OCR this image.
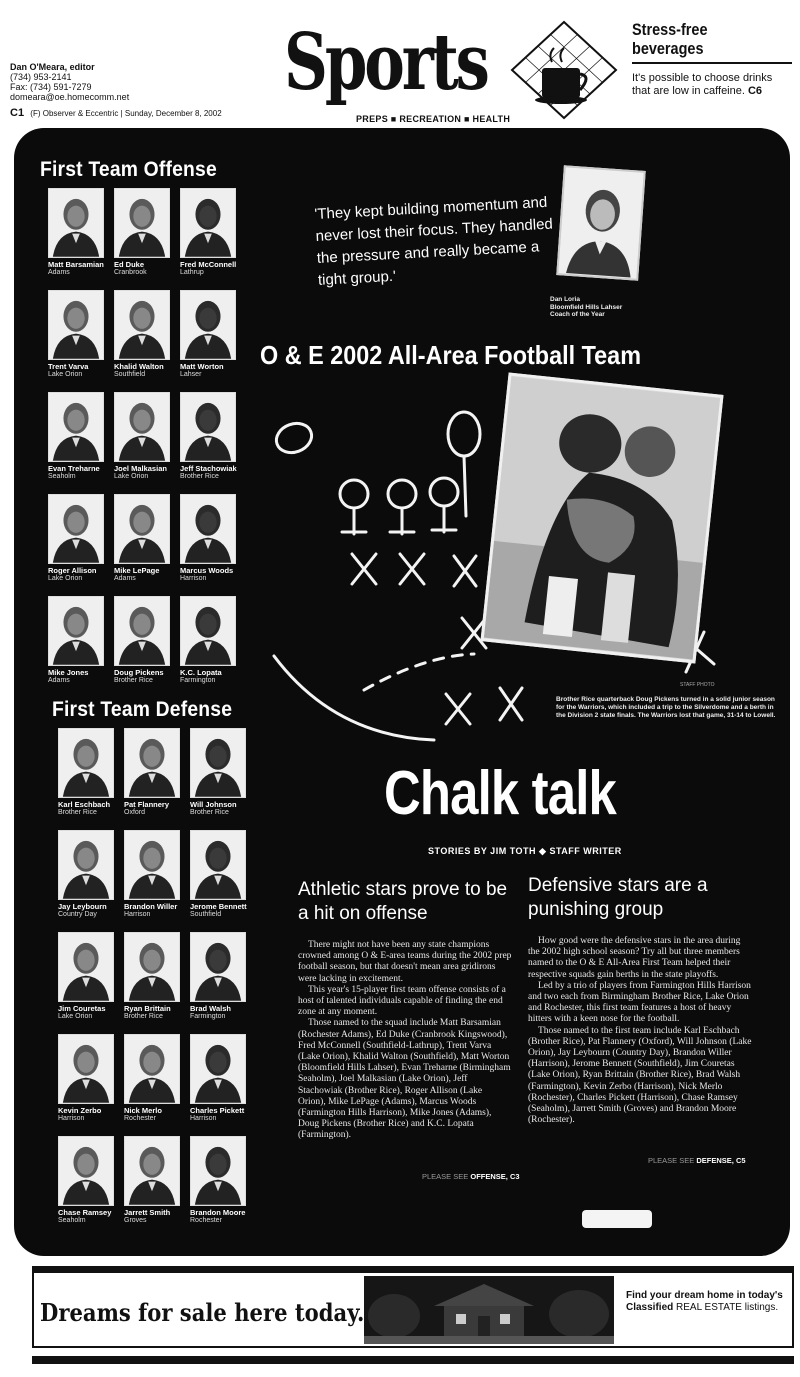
Dan O'Meara, editor
(734) 953-2141
Fax: (734) 591-7279
domeara@oe.homecomm.net
C1 (F) Observer & Eccentric | Sunday, December 8, 2002
Sports
PREPS ■ RECREATION ■ HEALTH
Stress-free
beverages
It's possible to choose drinks that are low in caffeine. C6
First Team Offense
First Team Defense
'They kept building momentum and never lost their focus. They handled the pressure and really became a tight group.'
Dan Loria
Bloomfield Hills Lahser
Coach of the Year
O & E 2002 All-Area Football Team
STAFF PHOTO
Brother Rice quarterback Doug Pickens turned in a solid junior season for the Warriors, which included a trip to the Silverdome and a berth in the Division 2 state finals. The Warriors lost that game, 31-14 to Lowell.
Chalk talk
STORIES BY JIM TOTH ◆ STAFF WRITER
Athletic stars prove to be a hit on offense

There might not have been any state champions crowned among O & E-area teams during the 2002 prep football season, but that doesn't mean area gridirons were lacking in excitement.

This year's 15-player first team offense consists of a host of talented individuals capable of finding the end zone at any moment.

Those named to the squad include Matt Barsamian (Rochester Adams), Ed Duke (Cranbrook Kingswood), Fred McConnell (Southfield-Lathrup), Trent Varva (Lake Orion), Khalid Walton (Southfield), Matt Worton (Bloomfield Hills Lahser), Evan Treharne (Birmingham Seaholm), Joel Malkasian (Lake Orion), Jeff Stachowiak (Brother Rice), Roger Allison (Lake Orion), Mike LePage (Adams), Marcus Woods (Farmington Hills Harrison), Mike Jones (Adams), Doug Pickens (Brother Rice) and K.C. Lopata (Farmington).

PLEASE SEE OFFENSE, C3
Defensive stars are a punishing group

How good were the defensive stars in the area during the 2002 high school season? Try all but three members named to the O & E All-Area First Team helped their respective squads gain berths in the state playoffs.

Led by a trio of players from Farmington Hills Harrison and two each from Birmingham Brother Rice, Lake Orion and Rochester, this first team features a host of heavy hitters with a keen nose for the football.

Those named to the first team include Karl Eschbach (Brother Rice), Pat Flannery (Oxford), Will Johnson (Lake Orion), Jay Leybourn (Country Day), Brandon Willer (Harrison), Jerome Bennett (Southfield), Jim Couretas (Lake Orion), Ryan Brittain (Brother Rice), Brad Walsh (Farmington), Kevin Zerbo (Harrison), Nick Merlo (Rochester), Charles Pickett (Harrison), Chase Ramsey (Seaholm), Jarrett Smith (Groves) and Brandon Moore (Rochester).

PLEASE SEE DEFENSE, C5
Matt Barsamian
Adams
Ed Duke
Cranbrook
Fred McConnell
Lathrup
Trent Varva
Lake Orion
Khalid Walton
Southfield
Matt Worton
Lahser
Evan Treharne
Seaholm
Joel Malkasian
Lake Orion
Jeff Stachowiak
Brother Rice
Roger Allison
Lake Orion
Mike LePage
Adams
Marcus Woods
Harrison
Mike Jones
Adams
Doug Pickens
Brother Rice
K.C. Lopata
Farmington
Karl Eschbach
Brother Rice
Pat Flannery
Oxford
Will Johnson
Brother Rice
Jay Leybourn
Country Day
Brandon Willer
Harrison
Jerome Bennett
Southfield
Jim Couretas
Lake Orion
Ryan Brittain
Brother Rice
Brad Walsh
Farmington
Kevin Zerbo
Harrison
Nick Merlo
Rochester
Charles Pickett
Harrison
Chase Ramsey
Seaholm
Jarrett Smith
Groves
Brandon Moore
Rochester
Dreams for sale here today.
Find your dream home in today's
Classified REAL ESTATE listings.
